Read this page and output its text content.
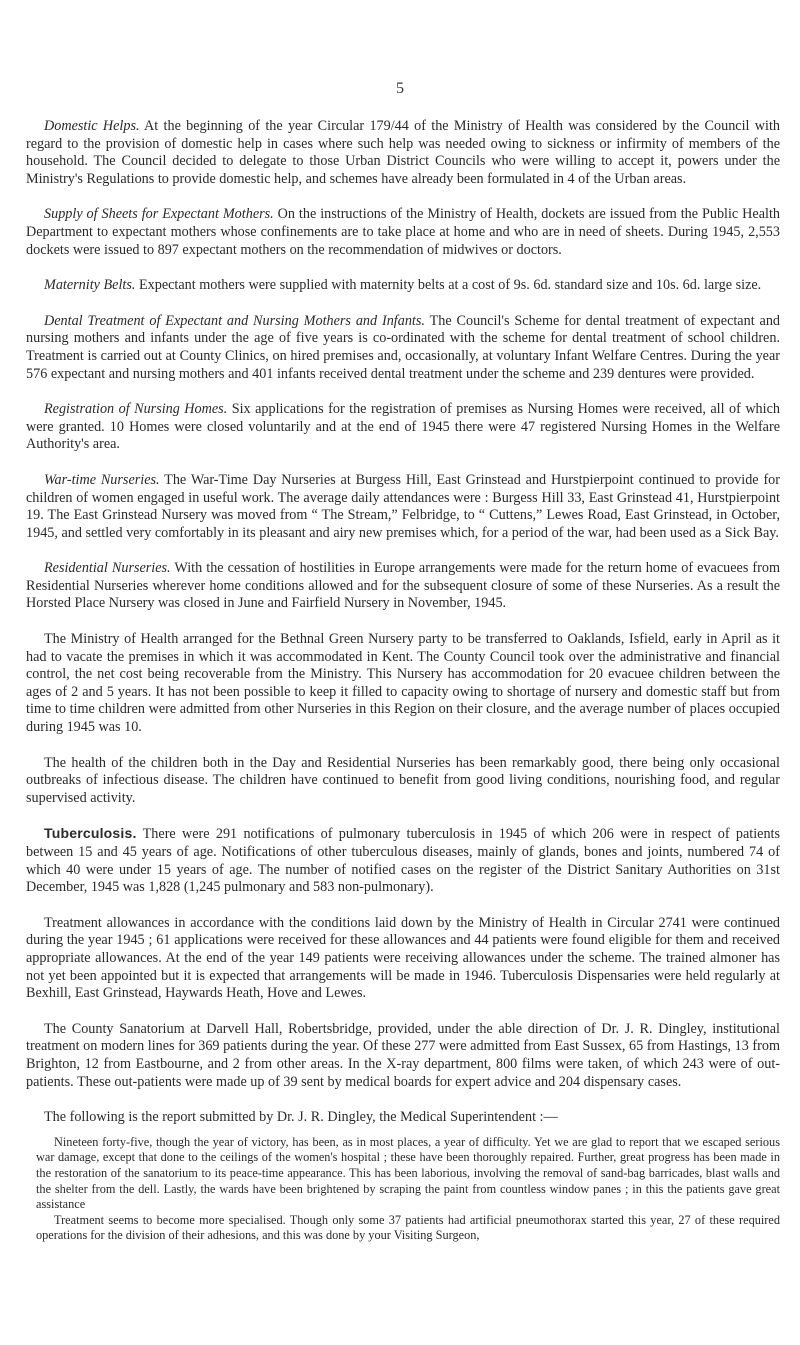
5

Domestic Helps. At the beginning of the year Circular 179/44 of the Ministry of Health was considered by the Council with regard to the provision of domestic help in cases where such help was needed owing to sickness or infirmity of members of the household. The Council decided to delegate to those Urban District Councils who were willing to accept it, powers under the Ministry's Regulations to provide domestic help, and schemes have already been formulated in 4 of the Urban areas.

Supply of Sheets for Expectant Mothers. On the instructions of the Ministry of Health, dockets are issued from the Public Health Department to expectant mothers whose confinements are to take place at home and who are in need of sheets. During 1945, 2,553 dockets were issued to 897 expectant mothers on the recommendation of midwives or doctors.

Maternity Belts. Expectant mothers were supplied with maternity belts at a cost of 9s. 6d. standard size and 10s. 6d. large size.

Dental Treatment of Expectant and Nursing Mothers and Infants. The Council's Scheme for dental treatment of expectant and nursing mothers and infants under the age of five years is co-ordinated with the scheme for dental treatment of school children. Treatment is carried out at County Clinics, on hired premises and, occasionally, at voluntary Infant Welfare Centres. During the year 576 expectant and nursing mothers and 401 infants received dental treatment under the scheme and 239 dentures were provided.

Registration of Nursing Homes. Six applications for the registration of premises as Nursing Homes were received, all of which were granted. 10 Homes were closed voluntarily and at the end of 1945 there were 47 registered Nursing Homes in the Welfare Authority's area.

War-time Nurseries. The War-Time Day Nurseries at Burgess Hill, East Grinstead and Hurstpierpoint continued to provide for children of women engaged in useful work. The average daily attendances were : Burgess Hill 33, East Grinstead 41, Hurstpierpoint 19. The East Grinstead Nursery was moved from “ The Stream,” Felbridge, to “ Cuttens,” Lewes Road, East Grinstead, in October, 1945, and settled very comfortably in its pleasant and airy new premises which, for a period of the war, had been used as a Sick Bay.

Residential Nurseries. With the cessation of hostilities in Europe arrangements were made for the return home of evacuees from Residential Nurseries wherever home conditions allowed and for the subsequent closure of some of these Nurseries. As a result the Horsted Place Nursery was closed in June and Fairfield Nursery in November, 1945.

The Ministry of Health arranged for the Bethnal Green Nursery party to be transferred to Oaklands, Isfield, early in April as it had to vacate the premises in which it was accommodated in Kent. The County Council took over the administrative and financial control, the net cost being recoverable from the Ministry. This Nursery has accommodation for 20 evacuee children between the ages of 2 and 5 years. It has not been possible to keep it filled to capacity owing to shortage of nursery and domestic staff but from time to time children were admitted from other Nurseries in this Region on their closure, and the average number of places occupied during 1945 was 10.

The health of the children both in the Day and Residential Nurseries has been remarkably good, there being only occasional outbreaks of infectious disease. The children have continued to benefit from good living conditions, nourishing food, and regular supervised activity.

Tuberculosis. There were 291 notifications of pulmonary tuberculosis in 1945 of which 206 were in respect of patients between 15 and 45 years of age. Notifications of other tuberculous diseases, mainly of glands, bones and joints, numbered 74 of which 40 were under 15 years of age. The number of notified cases on the register of the District Sanitary Authorities on 31st December, 1945 was 1,828 (1,245 pulmonary and 583 non-pulmonary).

Treatment allowances in accordance with the conditions laid down by the Ministry of Health in Circular 2741 were continued during the year 1945 ; 61 applications were received for these allowances and 44 patients were found eligible for them and received appropriate allowances. At the end of the year 149 patients were receiving allowances under the scheme. The trained almoner has not yet been appointed but it is expected that arrangements will be made in 1946. Tuberculosis Dispensaries were held regularly at Bexhill, East Grinstead, Haywards Heath, Hove and Lewes.

The County Sanatorium at Darvell Hall, Robertsbridge, provided, under the able direction of Dr. J. R. Dingley, institutional treatment on modern lines for 369 patients during the year. Of these 277 were admitted from East Sussex, 65 from Hastings, 13 from Brighton, 12 from Eastbourne, and 2 from other areas. In the X-ray department, 800 films were taken, of which 243 were of out-patients. These out-patients were made up of 39 sent by medical boards for expert advice and 204 dispensary cases.

The following is the report submitted by Dr. J. R. Dingley, the Medical Superintendent :—

Nineteen forty-five, though the year of victory, has been, as in most places, a year of difficulty. Yet we are glad to report that we escaped serious war damage, except that done to the ceilings of the women's hospital ; these have been thoroughly repaired. Further, great progress has been made in the restoration of the sanatorium to its peace-time appearance. This has been laborious, involving the removal of sand-bag barricades, blast walls and the shelter from the dell. Lastly, the wards have been brightened by scraping the paint from countless window panes ; in this the patients gave great assistance

Treatment seems to become more specialised. Though only some 37 patients had artificial pneumothorax started this year, 27 of these required operations for the division of their adhesions, and this was done by your Visiting Surgeon,
